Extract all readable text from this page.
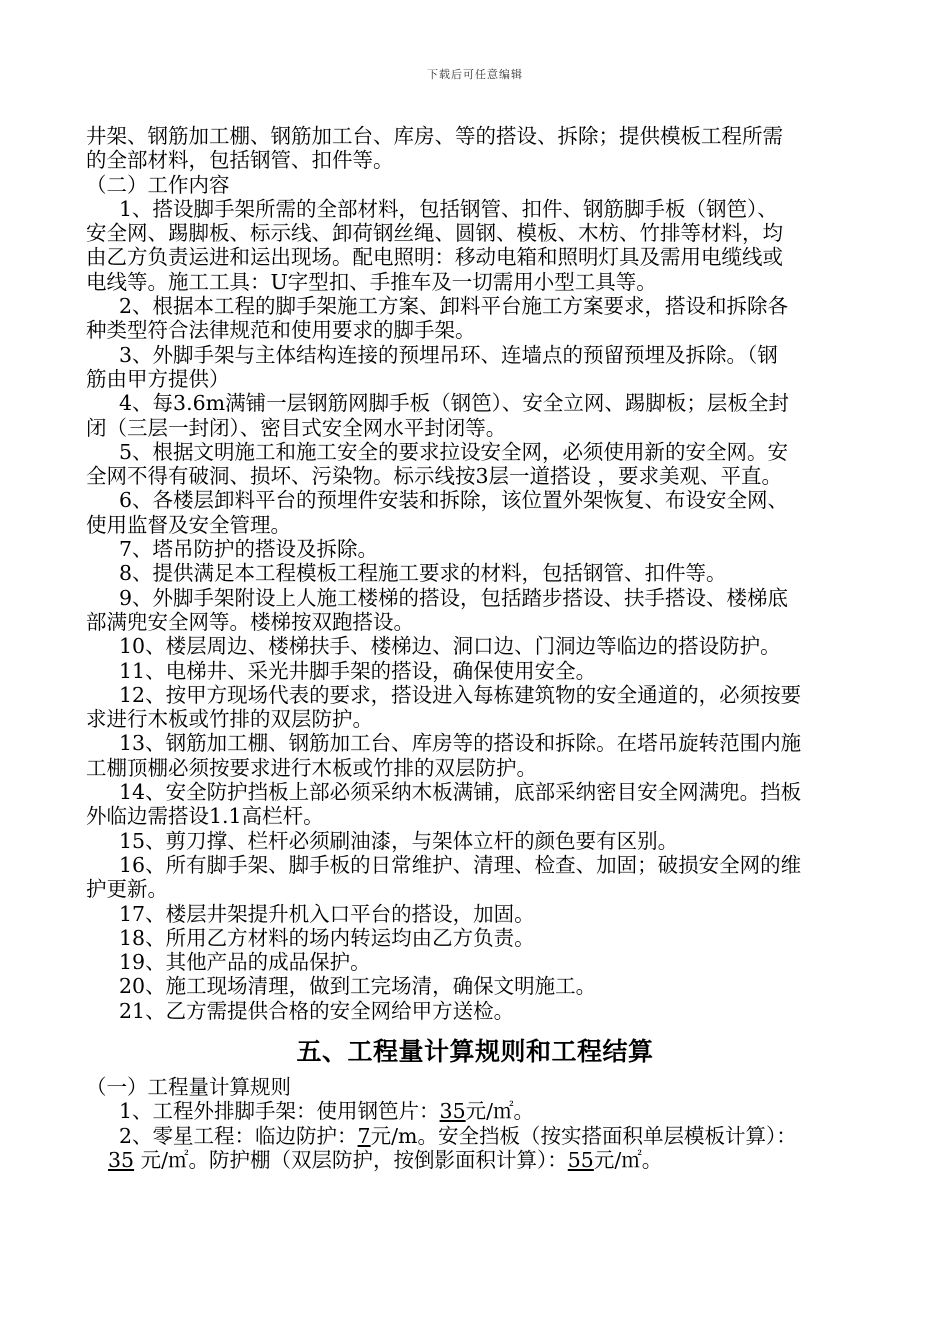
下载后可任意编辑

井架、钢筋加工棚、钢筋加工台、库房、等的搭设、拆除；提供模板工程所需

的全部材料，包括钢管、扣件等。

（二）工作内容

1、搭设脚手架所需的全部材料，包括钢管、扣件、钢筋脚手板（钢笆）、

安全网、踢脚板、标示线、卸荷钢丝绳、圆钢、模板、木枋、竹排等材料，均

由乙方负责运进和运出现场。配电照明：移动电箱和照明灯具及需用电缆线或

电线等。施工工具：U字型扣、手推车及一切需用小型工具等。

2、根据本工程的脚手架施工方案、卸料平台施工方案要求，搭设和拆除各

种类型符合法律规范和使用要求的脚手架。

3、外脚手架与主体结构连接的预埋吊环、连墙点的预留预埋及拆除。（钢

筋由甲方提供）

4、每3.6m满铺一层钢筋网脚手板（钢笆）、安全立网、踢脚板；层板全封

闭（三层一封闭）、密目式安全网水平封闭等。

5、根据文明施工和施工安全的要求拉设安全网，必须使用新的安全网。安

全网不得有破洞、损坏、污染物。标示线按3层一道搭设 ，要求美观、平直。

6、各楼层卸料平台的预埋件安装和拆除，该位置外架恢复、布设安全网、

使用监督及安全管理。

7、塔吊防护的搭设及拆除。

8、提供满足本工程模板工程施工要求的材料，包括钢管、扣件等。

9、外脚手架附设上人施工楼梯的搭设，包括踏步搭设、扶手搭设、楼梯底

部满兜安全网等。楼梯按双跑搭设。

10、楼层周边、楼梯扶手、楼梯边、洞口边、门洞边等临边的搭设防护。

11、电梯井、采光井脚手架的搭设，确保使用安全。

12、按甲方现场代表的要求，搭设进入每栋建筑物的安全通道的，必须按要

求进行木板或竹排的双层防护。

13、钢筋加工棚、钢筋加工台、库房等的搭设和拆除。在塔吊旋转范围内施

工棚顶棚必须按要求进行木板或竹排的双层防护。

14、安全防护挡板上部必须采纳木板满铺，底部采纳密目安全网满兜。挡板

外临边需搭设1.1高栏杆。

15、剪刀撑、栏杆必须刷油漆，与架体立杆的颜色要有区别。

16、所有脚手架、脚手板的日常维护、清理、检查、加固；破损安全网的维

护更新。

17、楼层井架提升机入口平台的搭设，加固。

18、所用乙方材料的场内转运均由乙方负责。

19、其他产品的成品保护。

20、施工现场清理，做到工完场清，确保文明施工。

21、乙方需提供合格的安全网给甲方送检。

五、工程量计算规则和工程结算

（一）工程量计算规则

1、工程外排脚手架：使用钢笆片：35元/㎡。

2、零星工程：临边防护：7元/m。安全挡板（按实搭面积单层模板计算）：

35 元/㎡。防护棚（双层防护，按倒影面积计算）：55元/㎡。
